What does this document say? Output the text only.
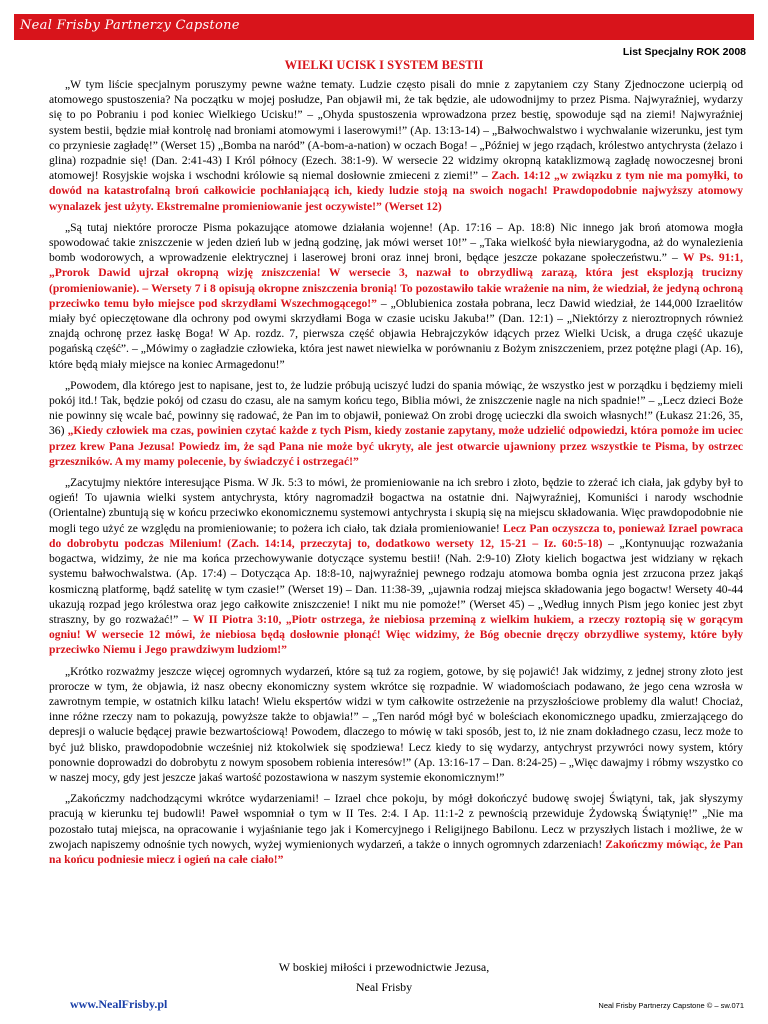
Neal Frisby Partnerzy Capstone
List Specjalny ROK 2008
WIELKI UCISK I SYSTEM BESTII

„W tym liście specjalnym poruszymy pewne ważne tematy. Ludzie często pisali do mnie z zapytaniem czy Stany Zjednoczone ucierpią od atomowego spustoszenia? Na początku w mojej posłudze, Pan objawił mi, że tak będzie, ale udowodnijmy to przez Pisma. Najwyraźniej, wydarzy się to po Pobraniu i pod koniec Wielkiego Ucisku!” – „Ohyda spustoszenia wprowadzona przez bestię, spowoduje sąd na ziemi! Najwyraźniej system bestii, będzie miał kontrolę nad broniami atomowymi i laserowymi!” (Ap. 13:13-14) – „Bałwochwalstwo i wychwalanie wizerunku, jest tym co przyniesie zagładę!” (Werset 15) „Bomba na naród” (A-bom-a-nation) w oczach Boga! – „Później w jego rządach, królestwo antychrysta (żelazo i glina) rozpadnie się! (Dan. 2:41-43) I Król północy (Ezech. 38:1-9). W wersecie 22 widzimy okropną kataklizmową zagładę nowoczesnej broni atomowej! Rosyjskie wojska i wschodni królowie są niemal dosłownie zmieceni z ziemi!” – Zach. 14:12 „w związku z tym nie ma pomyłki, to dowód na katastrofalną broń całkowicie pochłaniającą ich, kiedy ludzie stoją na swoich nogach! Prawdopodobnie najwyższy atomowy wynalazek jest użyty. Ekstremalne promieniowanie jest oczywiste!” (Werset 12)

„Są tutaj niektóre prorocze Pisma pokazujące atomowe działania wojenne! (Ap. 17:16 – Ap. 18:8) Nic innego jak broń atomowa mogła spowodować takie zniszczenie w jeden dzień lub w jedną godzinę, jak mówi werset 10!” – „Taka wielkość była niewiarygodna, aż do wynalezienia bomb wodorowych, a wprowadzenie elektrycznej i laserowej broni oraz innej broni, będące jeszcze pokazane społeczeństwu.” – W Ps. 91:1, „Prorok Dawid ujrzał okropną wizję zniszczenia! W wersecie 3, nazwał to obrzydliwą zarazą, która jest eksplozją trucizny (promieniowanie). – Wersety 7 i 8 opisują okropne zniszczenia bronią! To pozostawiło takie wrażenie na nim, że wiedział, że jedyną ochroną przeciwko temu było miejsce pod skrzydłami Wszechmogącego!” – „Oblubienica została pobrana, lecz Dawid wiedział, że 144,000 Izraelitów miały być opieczętowane dla ochrony pod owymi skrzydłami Boga w czasie ucisku Jakuba!” (Dan. 12:1) – „Niektórzy z nieroztropnych również znajdą ochronę przez łaskę Boga! W Ap. rozdz. 7, pierwsza część objawia Hebrajczyków idących przez Wielki Ucisk, a druga część ukazuje pogańską część”. – „Mówimy o zagładzie człowieka, która jest nawet niewielka w porównaniu z Bożym zniszczeniem, przez potężne plagi (Ap. 16), które będą miały miejsce na koniec Armagedonu!”

„Powodem, dla którego jest to napisane, jest to, że ludzie próbują uciszyć ludzi do spania mówiąc, że wszystko jest w porządku i będziemy mieli pokój itd.! Tak, będzie pokój od czasu do czasu, ale na samym końcu tego, Biblia mówi, że zniszczenie nagle na nich spadnie!” – „Lecz dzieci Boże nie powinny się wcale bać, powinny się radować, że Pan im to objawił, ponieważ On zrobi drogę ucieczki dla swoich własnych!” (Łukasz 21:26, 35, 36) „Kiedy człowiek ma czas, powinien czytać każde z tych Pism, kiedy zostanie zapytany, może udzielić odpowiedzi, która pomoże im uciec przez krew Pana Jezusa! Powiedz im, że sąd Pana nie może być ukryty, ale jest otwarcie ujawniony przez wszystkie te Pisma, by ostrzec grzeszników. A my mamy polecenie, by świadczyć i ostrzegać!”

„Zacytujmy niektóre interesujące Pisma. W Jk. 5:3 to mówi, że promieniowanie na ich srebro i złoto, będzie to zżerać ich ciała, jak gdyby był to ogień! To ujawnia wielki system antychrysta, który nagromadził bogactwa na ostatnie dni. Najwyraźniej, Komuniści i narody wschodnie (Orientalne) zbuntują się w końcu przeciwko ekonomicznemu systemowi antychrysta i skupią się na miejscu składowania. Więc prawdopodobnie nie mogli tego użyć ze względu na promieniowanie; to pożera ich ciało, tak działa promieniowanie! Lecz Pan oczyszcza to, ponieważ Izrael powraca do dobrobytu podczas Milenium! (Zach. 14:14, przeczytaj to, dodatkowo wersety 12, 15-21 – Iz. 60:5-18) – „Kontynuując rozważania bogactwa, widzimy, że nie ma końca przechowywanie dotyczące systemu bestii! (Nah. 2:9-10) Złoty kielich bogactwa jest widziany w rękach systemu bałwochwalstwa. (Ap. 17:4) – Dotycząca Ap. 18:8-10, najwyraźniej pewnego rodzaju atomowa bomba ognia jest zrzucona przez jakąś kosmiczną platformę, bądź satelitę w tym czasie!” (Werset 19) – Dan. 11:38-39, „ujawnia rodzaj miejsca składowania jego bogactw! Wersety 40-44 ukazują rozpad jego królestwa oraz jego całkowite zniszczenie! I nikt mu nie pomoże!” (Werset 45) – „Według innych Pism jego koniec jest zbyt straszny, by go rozważać!” – W II Piotra 3:10, „Piotr ostrzega, że niebiosa przeminą z wielkim hukiem, a rzeczy roztopią się w gorącym ogniu! W wersecie 12 mówi, że niebiosa będą dosłownie płonąć! Więc widzimy, że Bóg obecnie dręczy obrzydliwe systemy, które były przeciwko Niemu i Jego prawdziwym ludziom!”

„Krótko rozważmy jeszcze więcej ogromnych wydarzeń, które są tuż za rogiem, gotowe, by się pojawić! Jak widzimy, z jednej strony złoto jest prorocze w tym, że objawia, iż nasz obecny ekonomiczny system wkrótce się rozpadnie. W wiadomościach podawano, że jego cena wzrosła w zawrotnym tempie, w ostatnich kilku latach! Wielu ekspertów widzi w tym całkowite ostrzeżenie na przyszłościowe problemy dla walut! Chociaż, inne różne rzeczy nam to pokazują, powyższe także to objawia!” – „Ten naród mógł być w boleściach ekonomicznego upadku, zmierzającego do depresji o walucie będącej prawie bezwartościową! Powodem, dlaczego to mówię w taki sposób, jest to, iż nie znam dokładnego czasu, lecz może to być już blisko, prawdopodobnie wcześniej niż ktokolwiek się spodziewa! Lecz kiedy to się wydarzy, antychryst przywróci nowy system, który ponownie doprowadzi do dobrobytu z nowym sposobem robienia interesów!” (Ap. 13:16-17 – Dan. 8:24-25) – „Więc dawajmy i róbmy wszystko co w naszej mocy, gdy jest jeszcze jakaś wartość pozostawiona w naszym systemie ekonomicznym!”

„Zakończmy nadchodzącymi wkrótce wydarzeniami! – Izrael chce pokoju, by mógł dokończyć budowę swojej Świątyni, tak, jak słyszymy pracują w kierunku tej budowli! Paweł wspomniał o tym w II Tes. 2:4. I Ap. 11:1-2 z pewnością przewiduje Żydowską Świątynię!” „Nie ma pozostało tutaj miejsca, na opracowanie i wyjaśnianie tego jak i Komercyjnego i Religijnego Babilonu. Lecz w przyszłych listach i możliwe, że w zwojach napiszemy odnośnie tych nowych, wyżej wymienionych wydarzeń, a także o innych ogromnych zdarzeniach! Zakończmy mówiąc, że Pan na końcu podniesie miecz i ogień na całe ciało!”

W boskiej miłości i przewodnictwie Jezusa,
Neal Frisby
www.NealFrisby.pl	Neal Frisby Partnerzy Capstone © – sw.071
